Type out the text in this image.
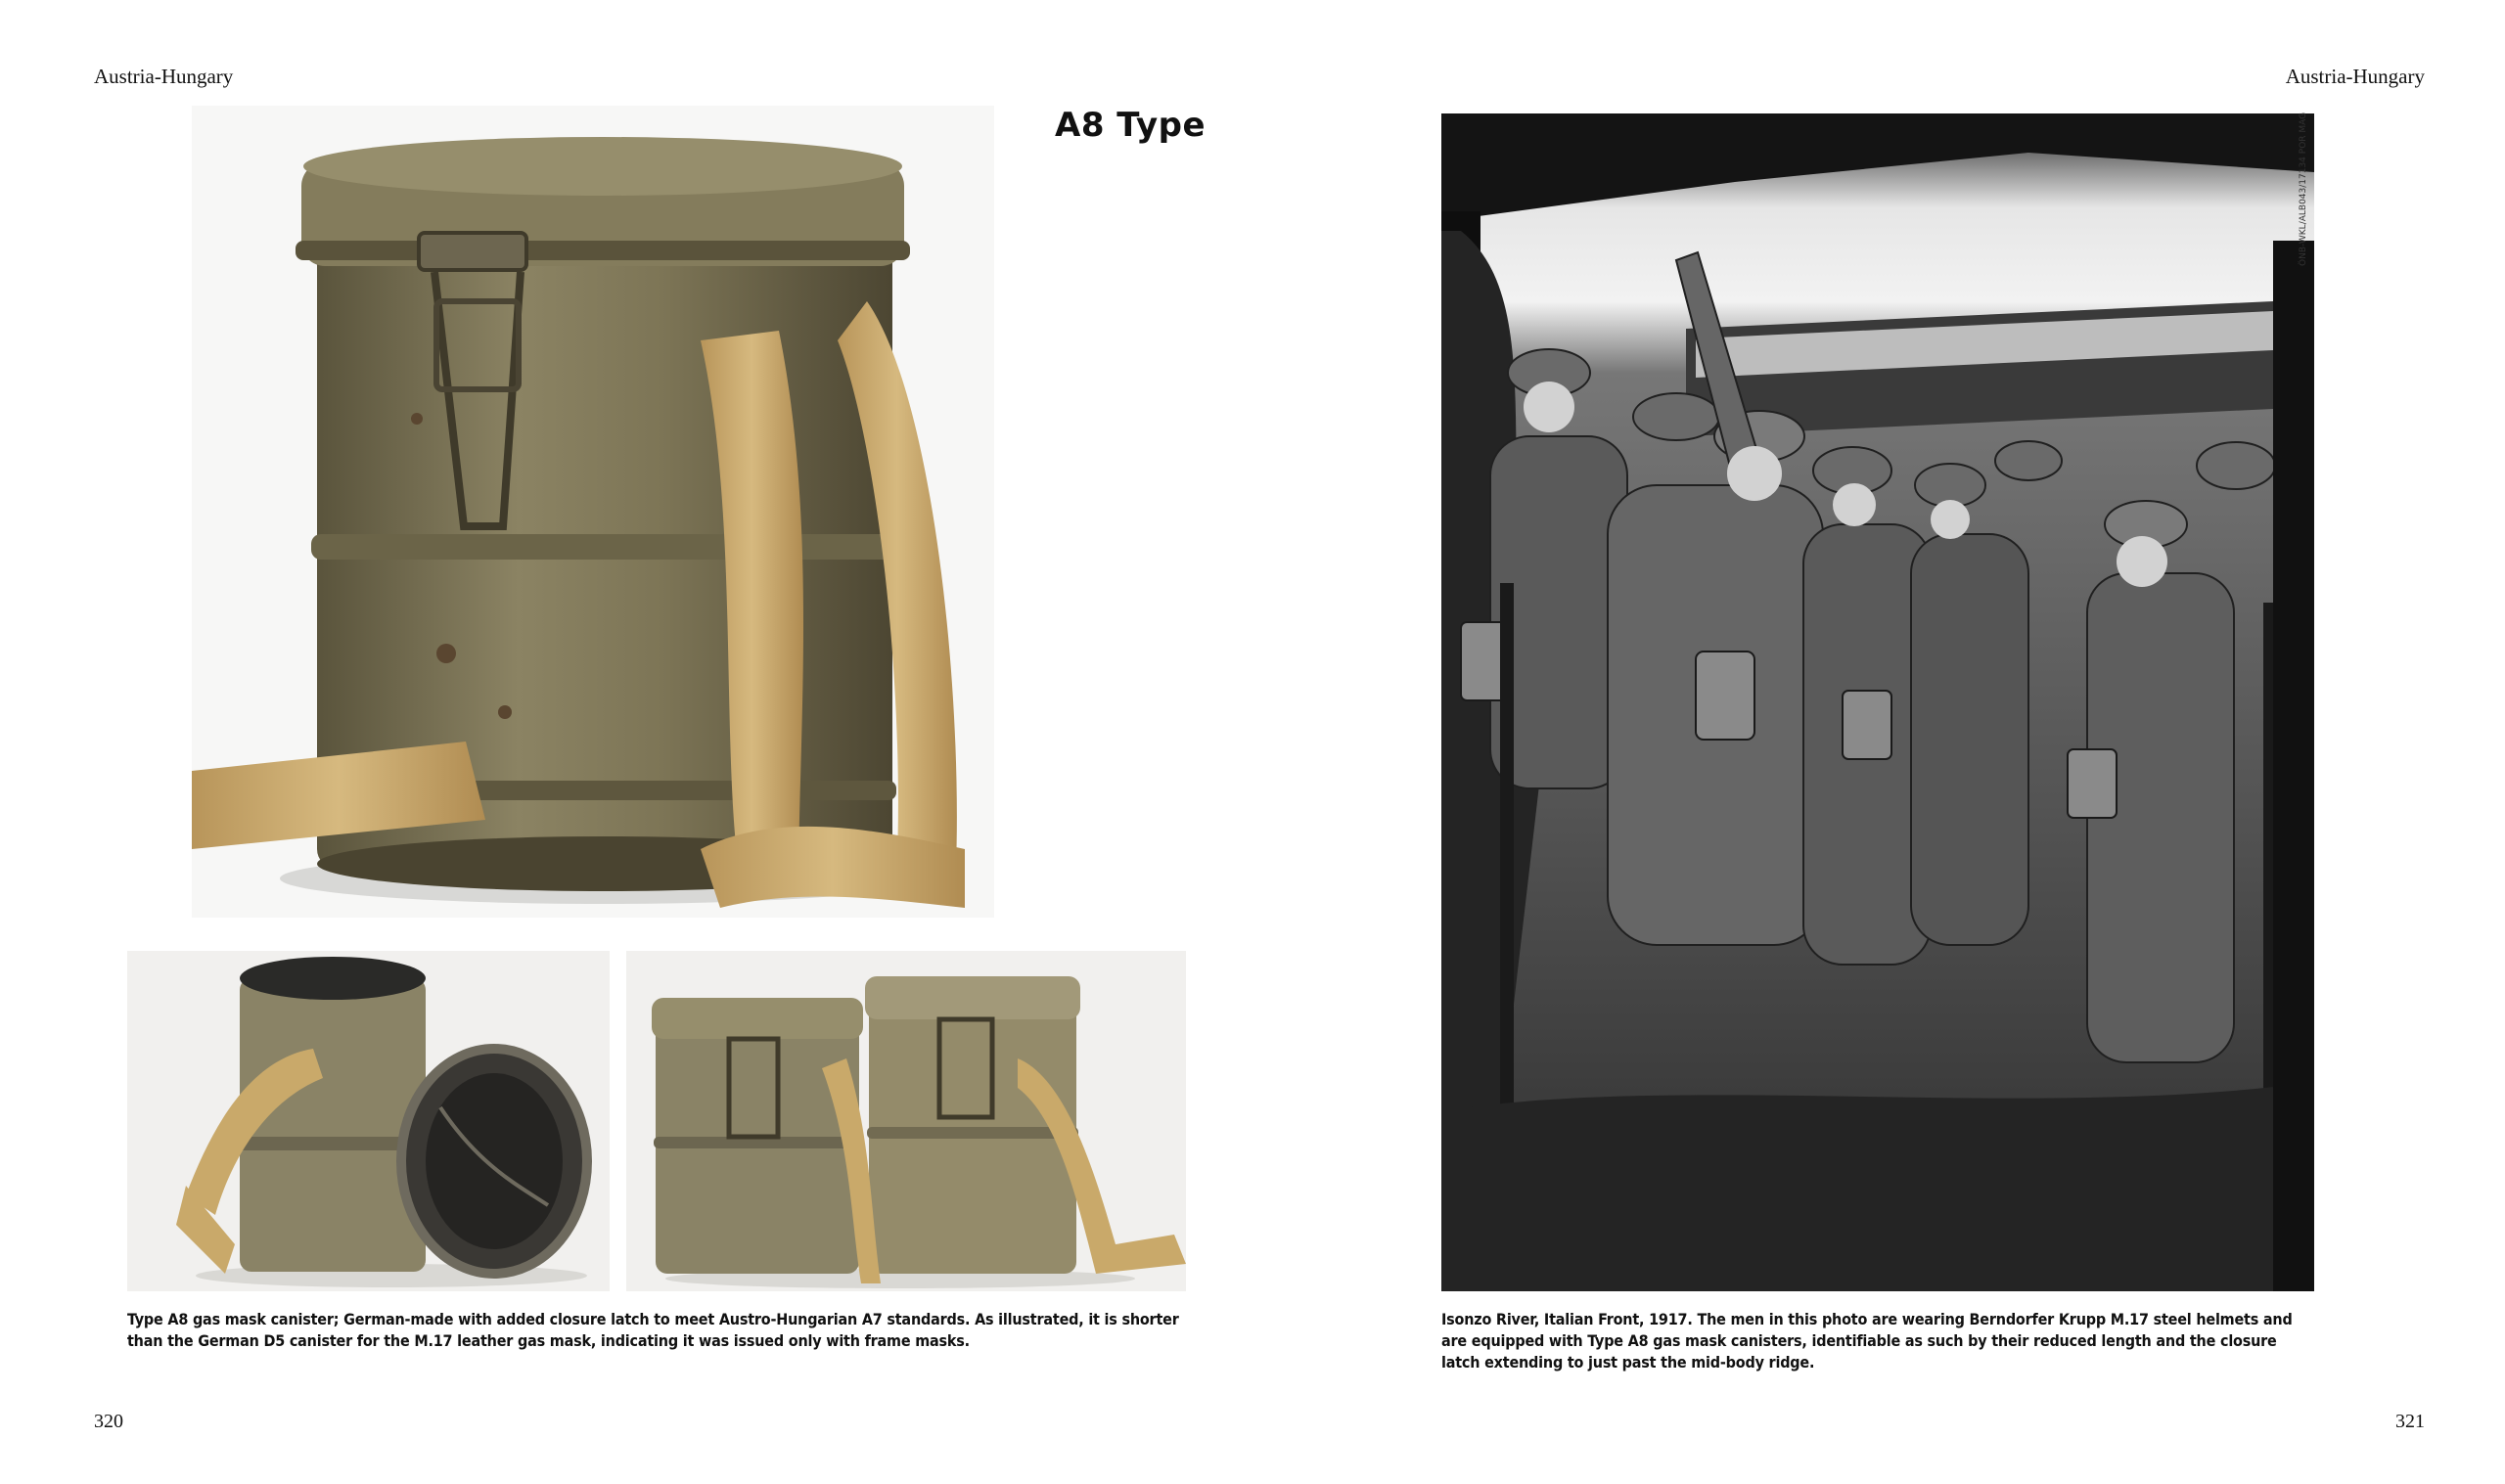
Austria-Hungary
A8 Type
Type A8 gas mask canister; German-made with added closure latch to meet Austro-Hungarian A7 standards. As illustrated, it is shorter than the German D5 canister for the M.17 leather gas mask, indicating it was issued only with frame masks.
320
Austria-Hungary
Isonzo River, Italian Front, 1917. The men in this photo are wearing Berndorfer Krupp M.17 steel helmets and are equipped with Type A8 gas mask canisters, identifiable as such by their reduced length and the closure latch extending to just past the mid-body ridge.
321
ÖNB-WKL/ALB043/17134 POR MAG
